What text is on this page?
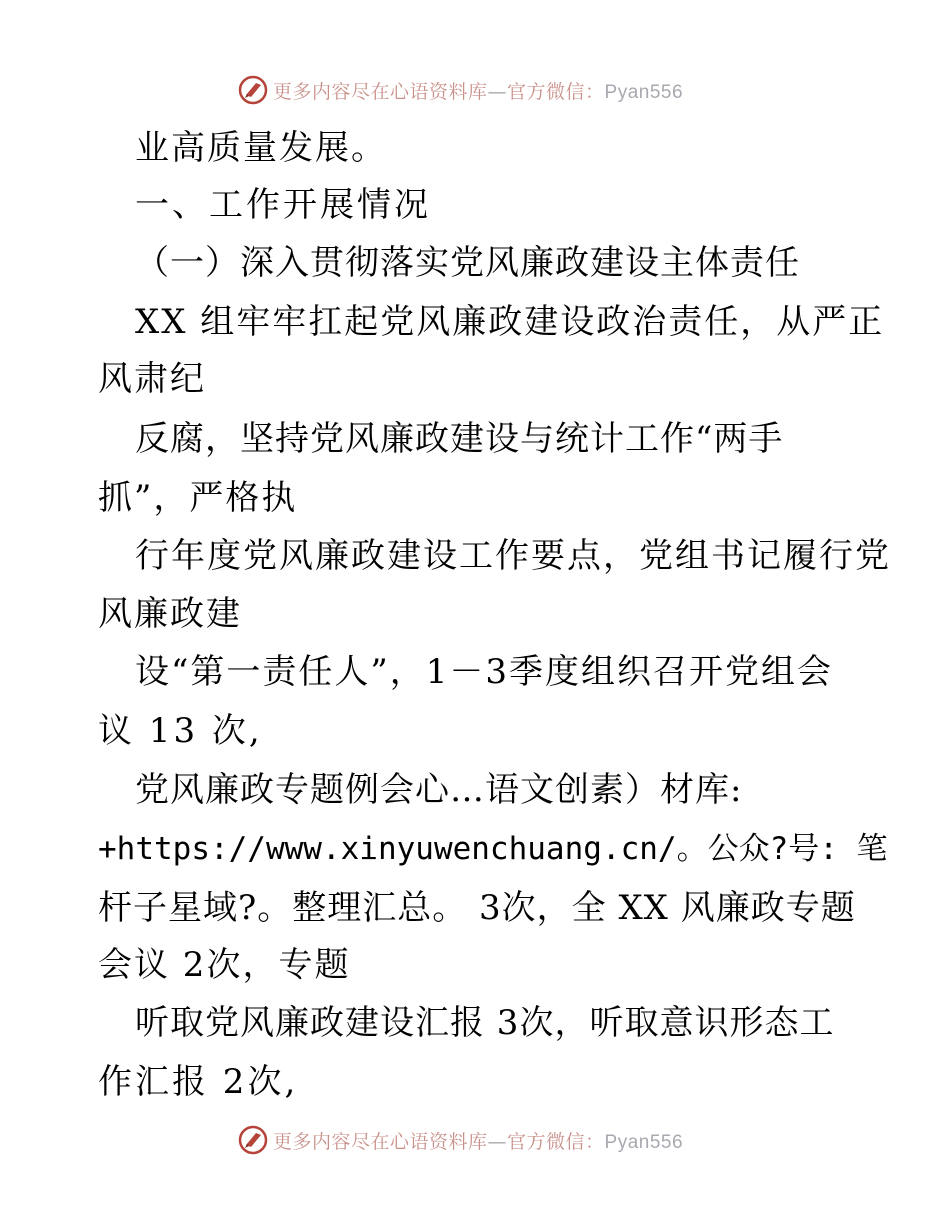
更多内容尽在心语资料库—官方微信：Pyan556
业高质量发展。
一、工作开展情况
（一）深入贯彻落实党风廉政建设主体责任
XX 组牢牢扛起党风廉政建设政治责任，从严正
风肃纪
反腐，坚持党风廉政建设与统计工作“两手
抓”，严格执
行年度党风廉政建设工作要点，党组书记履行党
风廉政建
设“第一责任人”，1－3季度组织召开党组会
议 13 次,
党风廉政专题例会心…语文创素）材库:
+https://www.xinyuwenchuang.cn/。公众?号: 笔
杆子星域?。整理汇总。 3次，全 XX 风廉政专题
会议 2次，专题
听取党风廉政建设汇报 3次，听取意识形态工
作汇报 2次,
更多内容尽在心语资料库—官方微信：Pyan556
